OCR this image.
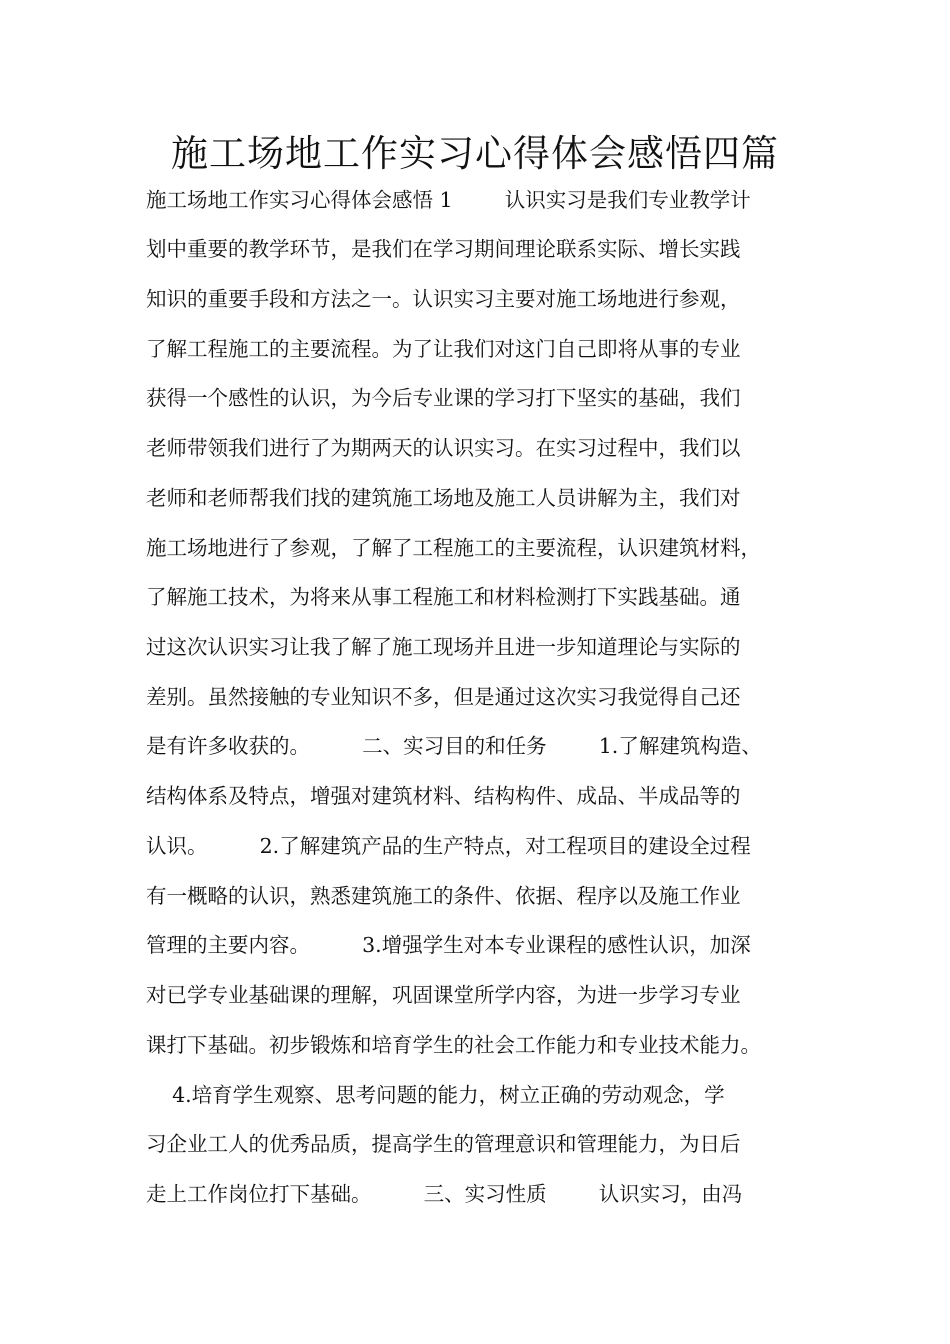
施工场地工作实习心得体会感悟四篇

施工场地工作实习心得体会感悟 1        认识实习是我们专业教学计

划中重要的教学环节，是我们在学习期间理论联系实际、增长实践

知识的重要手段和方法之一。认识实习主要对施工场地进行参观，

了解工程施工的主要流程。为了让我们对这门自己即将从事的专业

获得一个感性的认识，为今后专业课的学习打下坚实的基础，我们

老师带领我们进行了为期两天的认识实习。在实习过程中，我们以

老师和老师帮我们找的建筑施工场地及施工人员讲解为主，我们对

施工场地进行了参观，了解了工程施工的主要流程，认识建筑材料，

了解施工技术，为将来从事工程施工和材料检测打下实践基础。通

过这次认识实习让我了解了施工现场并且进一步知道理论与实际的

差别。虽然接触的专业知识不多，但是通过这次实习我觉得自己还

是有许多收获的。        二、实习目的和任务        1.了解建筑构造、

结构体系及特点，增强对建筑材料、结构构件、成品、半成品等的

认识。        2.了解建筑产品的生产特点，对工程项目的建设全过程

有一概略的认识，熟悉建筑施工的条件、依据、程序以及施工作业

管理的主要内容。        3.增强学生对本专业课程的感性认识，加深

对已学专业基础课的理解，巩固课堂所学内容，为进一步学习专业

课打下基础。初步锻炼和培育学生的社会工作能力和专业技术能力。

4.培育学生观察、思考问题的能力，树立正确的劳动观念，学

习企业工人的优秀品质，提高学生的管理意识和管理能力，为日后

走上工作岗位打下基础。        三、实习性质        认识实习，由冯
